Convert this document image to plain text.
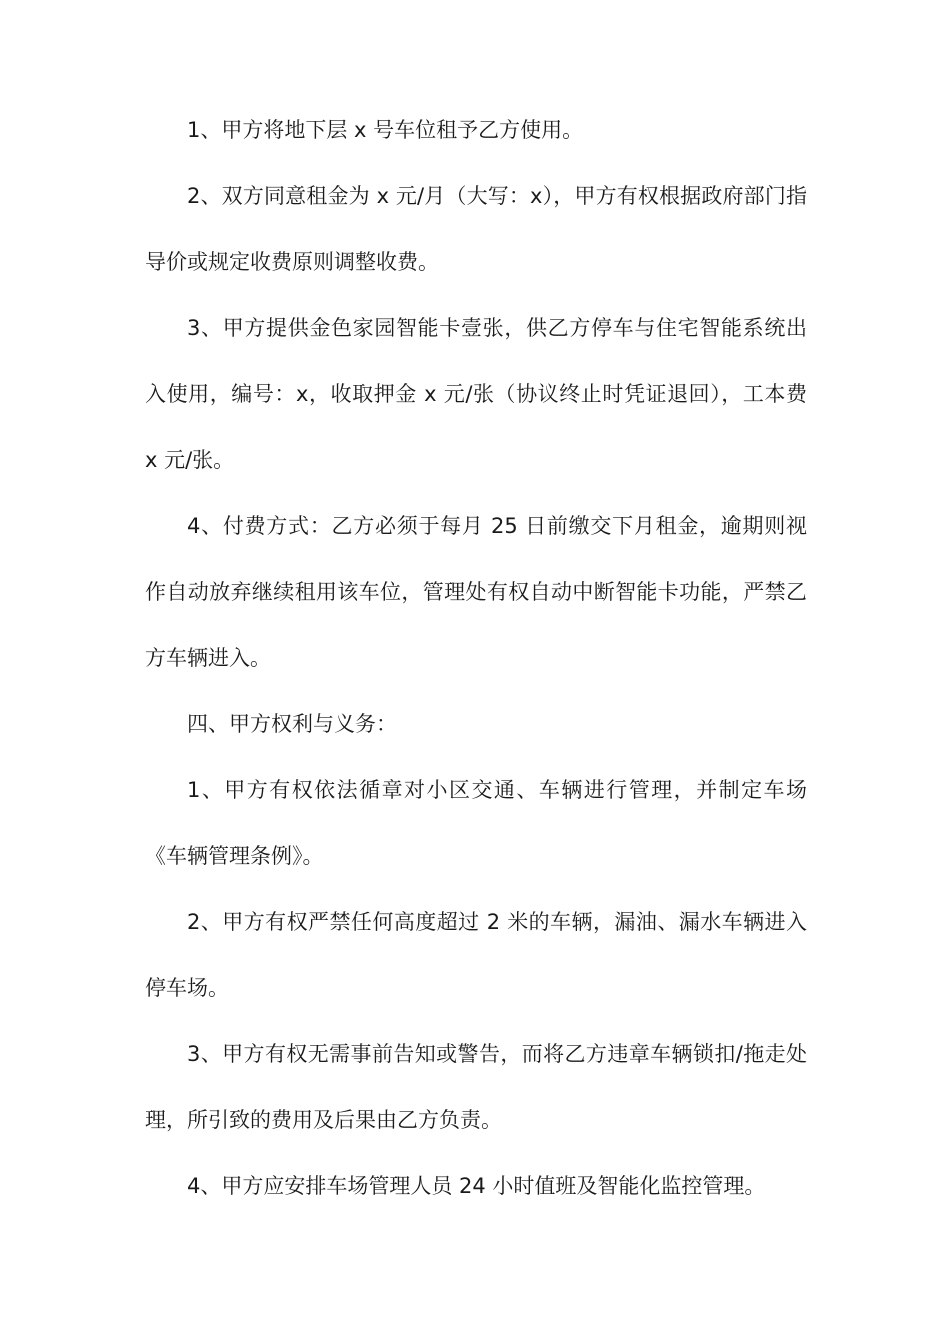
1、甲方将地下层 x 号车位租予乙方使用。

2、双方同意租金为 x 元/月（大写：x），甲方有权根据政府部门指导价或规定收费原则调整收费。

3、甲方提供金色家园智能卡壹张，供乙方停车与住宅智能系统出入使用，编号：x，收取押金 x 元/张（协议终止时凭证退回），工本费 x 元/张。

4、付费方式：乙方必须于每月 25 日前缴交下月租金，逾期则视作自动放弃继续租用该车位，管理处有权自动中断智能卡功能，严禁乙方车辆进入。

四、甲方权利与义务：

1、甲方有权依法循章对小区交通、车辆进行管理，并制定车场《车辆管理条例》。

2、甲方有权严禁任何高度超过 2 米的车辆，漏油、漏水车辆进入停车场。

3、甲方有权无需事前告知或警告，而将乙方违章车辆锁扣/拖走处理，所引致的费用及后果由乙方负责。

4、甲方应安排车场管理人员 24 小时值班及智能化监控管理。
